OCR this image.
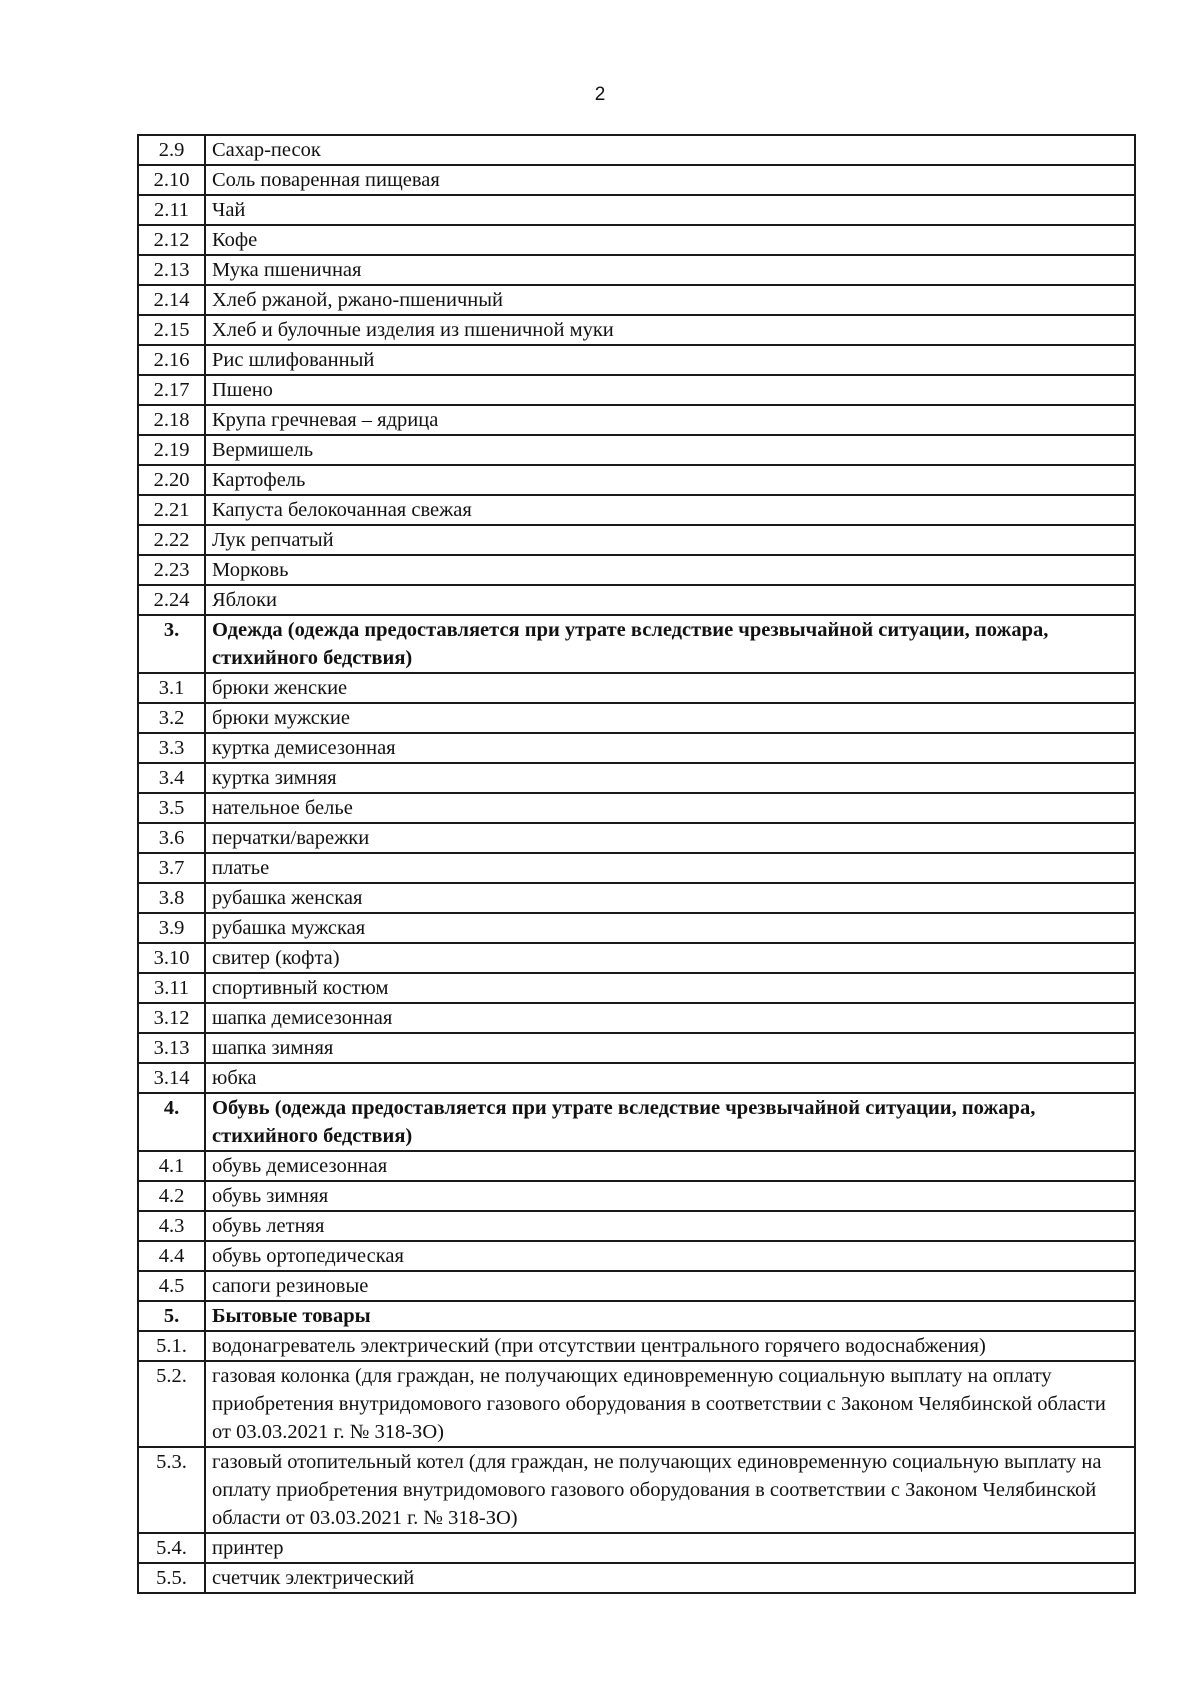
2
2.9	Сахар-песок
2.10	Соль поваренная пищевая
2.11	Чай
2.12	Кофе
2.13	Мука пшеничная
2.14	Хлеб ржаной, ржано-пшеничный
2.15	Хлеб и булочные изделия из пшеничной муки
2.16	Рис шлифованный
2.17	Пшено
2.18	Крупа гречневая – ядрица
2.19	Вермишель
2.20	Картофель
2.21	Капуста белокочанная свежая
2.22	Лук репчатый
2.23	Морковь
2.24	Яблоки
3.	Одежда (одежда предоставляется при утрате вследствие чрезвычайной ситуации, пожара, стихийного бедствия)
3.1	брюки женские
3.2	брюки мужские
3.3	куртка демисезонная
3.4	куртка зимняя
3.5	нательное белье
3.6	перчатки/варежки
3.7	платье
3.8	рубашка женская
3.9	рубашка мужская
3.10	свитер (кофта)
3.11	спортивный костюм
3.12	шапка демисезонная
3.13	шапка зимняя
3.14	юбка
4.	Обувь (одежда предоставляется при утрате вследствие чрезвычайной ситуации, пожара, стихийного бедствия)
4.1	обувь демисезонная
4.2	обувь зимняя
4.3	обувь летняя
4.4	обувь ортопедическая
4.5	сапоги резиновые
5.	Бытовые товары
5.1.	водонагреватель электрический (при отсутствии центрального горячего водоснабжения)
5.2.	газовая колонка (для граждан, не получающих единовременную социальную выплату на оплату приобретения внутридомового газового оборудования в соответствии с Законом Челябинской области от 03.03.2021 г. № 318-ЗО)
5.3.	газовый отопительный котел (для граждан, не получающих единовременную социальную выплату на оплату приобретения внутридомового газового оборудования в соответствии с Законом Челябинской области от 03.03.2021 г. № 318-ЗО)
5.4.	принтер
5.5.	счетчик электрический
